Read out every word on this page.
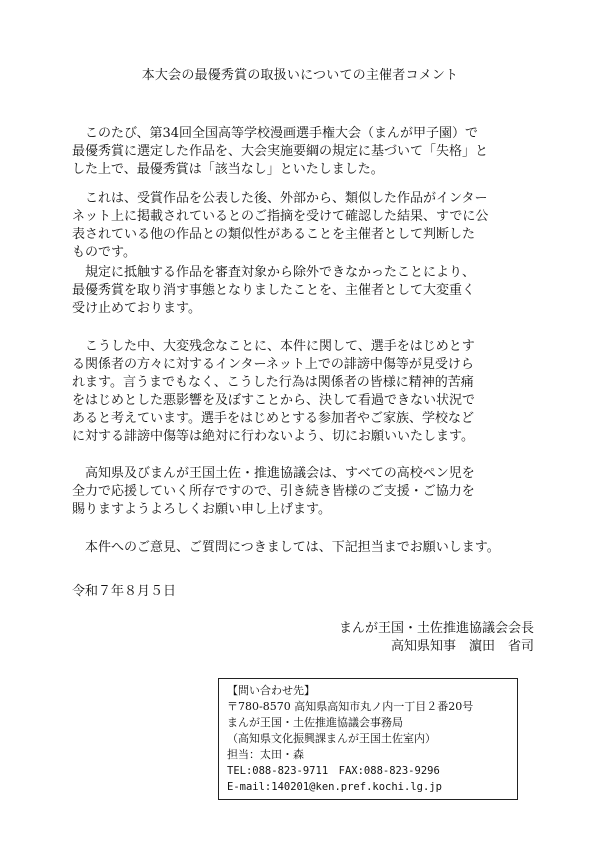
本大会の最優秀賞の取扱いについての主催者コメント
　このたび、第34回全国高等学校漫画選手権大会（まんが甲子園）で
最優秀賞に選定した作品を、大会実施要綱の規定に基づいて「失格」と
した上で、最優秀賞は「該当なし」といたしました。
　これは、受賞作品を公表した後、外部から、類似した作品がインター
ネット上に掲載されているとのご指摘を受けて確認した結果、すでに公
表されている他の作品との類似性があることを主催者として判断した
ものです。
　規定に抵触する作品を審査対象から除外できなかったことにより、
最優秀賞を取り消す事態となりましたことを、主催者として大変重く
受け止めております。
　こうした中、大変残念なことに、本件に関して、選手をはじめとす
る関係者の方々に対するインターネット上での誹謗中傷等が見受けら
れます。言うまでもなく、こうした行為は関係者の皆様に精神的苦痛
をはじめとした悪影響を及ぼすことから、決して看過できない状況で
あると考えています。選手をはじめとする参加者やご家族、学校など
に対する誹謗中傷等は絶対に行わないよう、切にお願いいたします。
　高知県及びまんが王国土佐・推進協議会は、すべての高校ペン児を
全力で応援していく所存ですので、引き続き皆様のご支援・ご協力を
賜りますようよろしくお願い申し上げます。
　本件へのご意見、ご質問につきましては、下記担当までお願いします。
令和７年８月５日
まんが王国・土佐推進協議会会長
高知県知事　濵田　省司
【問い合わせ先】
〒780-8570 高知県高知市丸ノ内一丁目２番20号
まんが王国・土佐推進協議会事務局
（高知県文化振興課まんが王国土佐室内）
担当：太田・森
TEL:088-823-9711　FAX:088-823-9296
E-mail:140201@ken.pref.kochi.lg.jp
